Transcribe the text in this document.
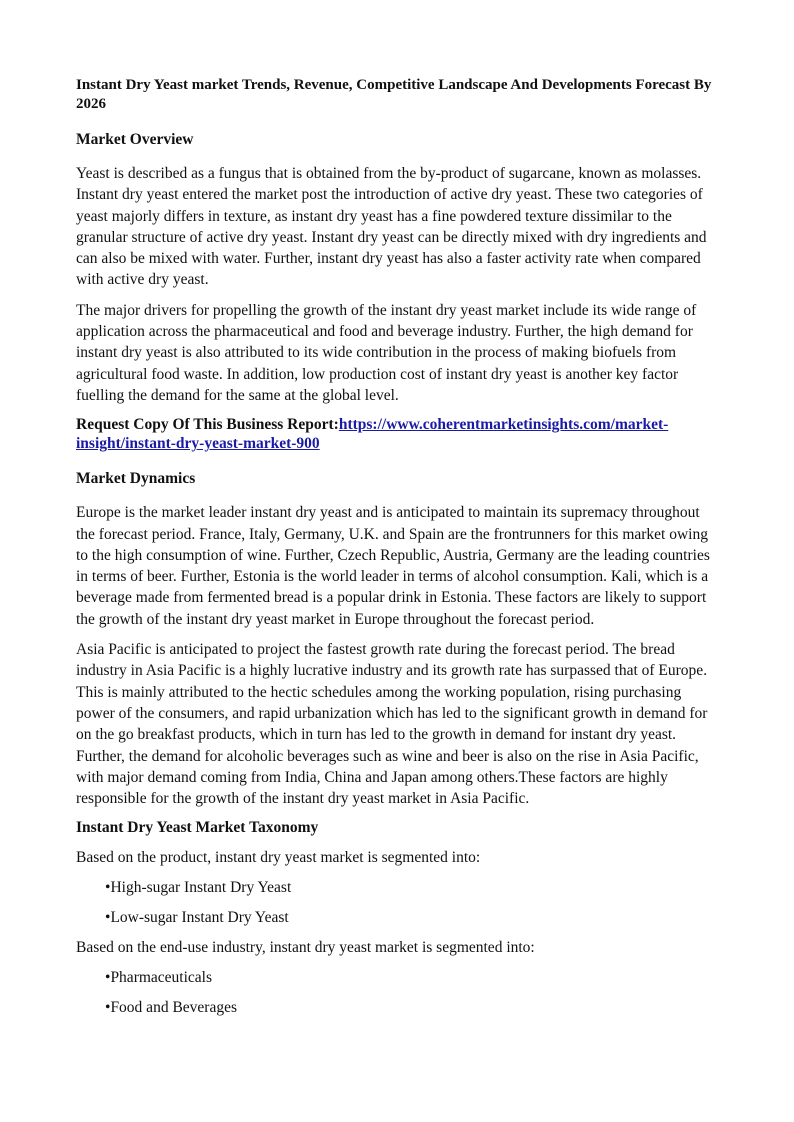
Instant Dry Yeast market Trends, Revenue, Competitive Landscape And Developments Forecast By 2026
Market Overview

Yeast is described as a fungus that is obtained from the by-product of sugarcane, known as molasses. Instant dry yeast entered the market post the introduction of active dry yeast. These two categories of yeast majorly differs in texture, as instant dry yeast has a fine powdered texture dissimilar to the granular structure of active dry yeast. Instant dry yeast can be directly mixed with dry ingredients and can also be mixed with water. Further, instant dry yeast has also a faster activity rate when compared with active dry yeast.

The major drivers for propelling the growth of the instant dry yeast market include its wide range of application across the pharmaceutical and food and beverage industry. Further, the high demand for instant dry yeast is also attributed to its wide contribution in the process of making biofuels from agricultural food waste. In addition, low production cost of instant dry yeast is another key factor fuelling the demand for the same at the global level.

Request Copy Of This Business Report:https://www.coherentmarketinsights.com/market-insight/instant-dry-yeast-market-900
Market Dynamics

Europe is the market leader instant dry yeast and is anticipated to maintain its supremacy throughout the forecast period. France, Italy, Germany, U.K. and Spain are the frontrunners for this market owing to the high consumption of wine. Further, Czech Republic, Austria, Germany are the leading countries in terms of beer. Further, Estonia is the world leader in terms of alcohol consumption. Kali, which is a beverage made from fermented bread is a popular drink in Estonia. These factors are likely to support the growth of the instant dry yeast market in Europe throughout the forecast period.

Asia Pacific is anticipated to project the fastest growth rate during the forecast period. The bread industry in Asia Pacific is a highly lucrative industry and its growth rate has surpassed that of Europe. This is mainly attributed to the hectic schedules among the working population, rising purchasing power of the consumers, and rapid urbanization which has led to the significant growth in demand for on the go breakfast products, which in turn has led to the growth in demand for instant dry yeast. Further, the demand for alcoholic beverages such as wine and beer is also on the rise in Asia Pacific, with major demand coming from India, China and Japan among others.These factors are highly responsible for the growth of the instant dry yeast market in Asia Pacific.

Instant Dry Yeast Market Taxonomy
Based on the product, instant dry yeast market is segmented into:
•High-sugar Instant Dry Yeast
•Low-sugar Instant Dry Yeast
Based on the end-use industry, instant dry yeast market is segmented into:
•Pharmaceuticals
•Food and Beverages
